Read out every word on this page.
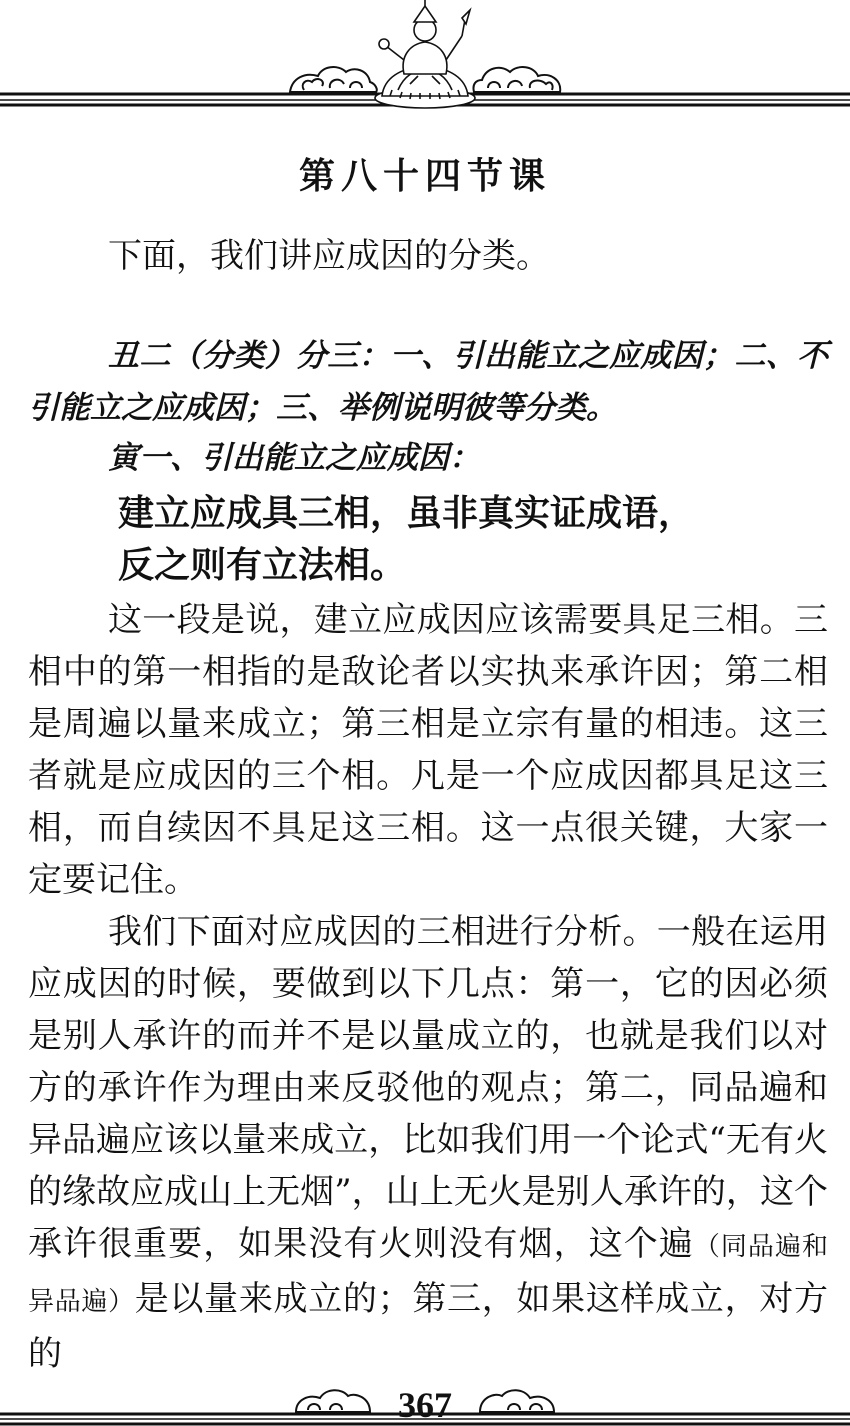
第八十四节课

下面，我们讲应成因的分类。

丑二（分类）分三：一、引出能立之应成因；二、不引能立之应成因；三、举例说明彼等分类。

寅一、引出能立之应成因：

建立应成具三相，虽非真实证成语，

反之则有立法相。

这一段是说，建立应成因应该需要具足三相。三相中的第一相指的是敌论者以实执来承许因；第二相是周遍以量来成立；第三相是立宗有量的相违。这三者就是应成因的三个相。凡是一个应成因都具足这三相，而自续因不具足这三相。这一点很关键，大家一定要记住。

我们下面对应成因的三相进行分析。一般在运用应成因的时候，要做到以下几点：第一，它的因必须是别人承许的而并不是以量成立的，也就是我们以对方的承许作为理由来反驳他的观点；第二，同品遍和异品遍应该以量来成立，比如我们用一个论式“无有火的缘故应成山上无烟”，山上无火是别人承许的，这个承许很重要，如果没有火则没有烟，这个遍（同品遍和异品遍）是以量来成立的；第三，如果这样成立，对方的

367
